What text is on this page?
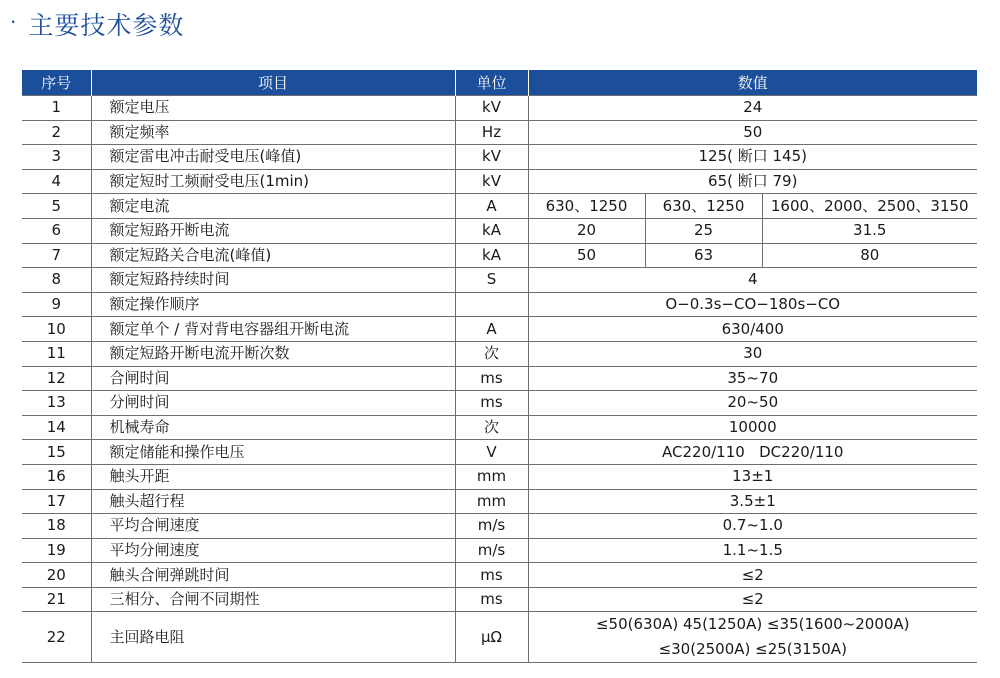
· 主要技术参数
序号	项目	单位	数值		
1	额定电压	kV	24		
2	额定频率	Hz	50		
3	额定雷电冲击耐受电压(峰值)	kV	125( 断口 145)		
4	额定短时工频耐受电压(1min)	kV	65( 断口 79)		
5	额定电流	A	630、1250	630、1250	1600、2000、2500、3150
6	额定短路开断电流	kA	20	25	31.5
7	额定短路关合电流(峰值)	kA	50	63	80
8	额定短路持续时间	S	4		
9	额定操作顺序		O−0.3s−CO−180s−CO		
10	额定单个 / 背对背电容器组开断电流	A	630/400		
11	额定短路开断电流开断次数	次	30		
12	合闸时间	ms	35~70		
13	分闸时间	ms	20~50		
14	机械寿命	次	10000		
15	额定储能和操作电压	V	AC220/110   DC220/110		
16	触头开距	mm	13±1		
17	触头超行程	mm	3.5±1		
18	平均合闸速度	m/s	0.7~1.0		
19	平均分闸速度	m/s	1.1~1.5		
20	触头合闸弹跳时间	ms	≤2		
21	三相分、合闸不同期性	ms	≤2		
22	主回路电阻	μΩ	≤50(630A) 45(1250A) ≤35(1600~2000A)
≤30(2500A) ≤25(3150A)		
